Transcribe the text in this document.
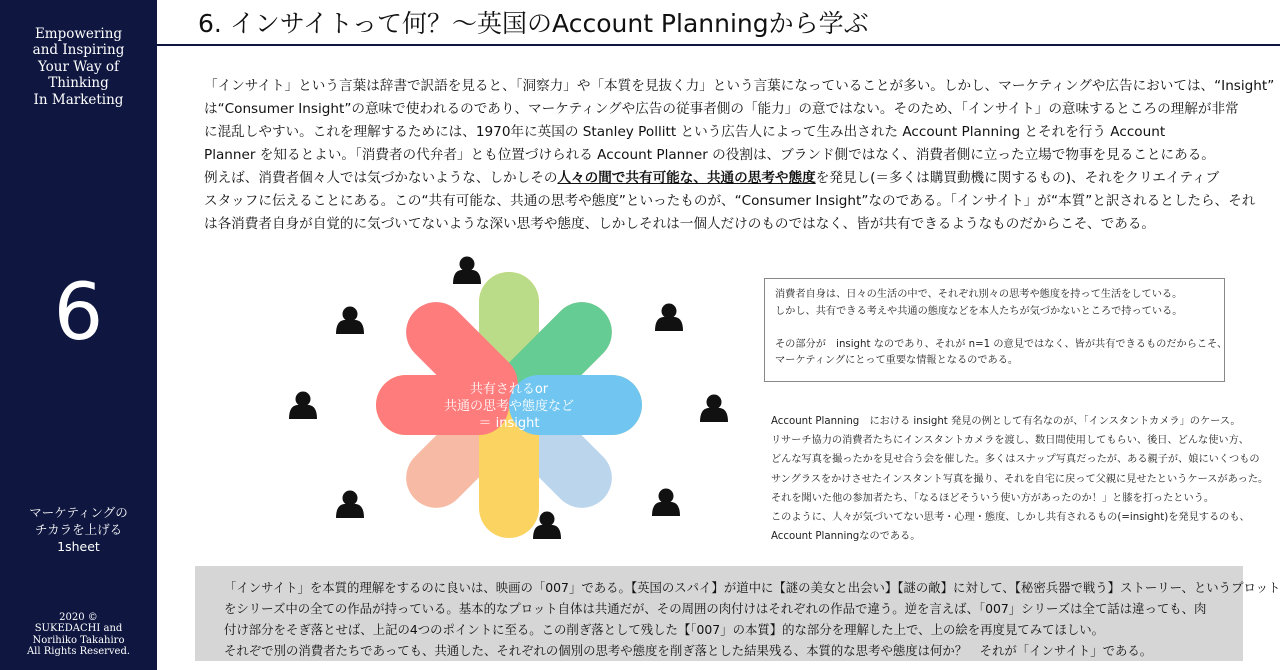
Empowering
and Inspiring
Your Way of
Thinking
In Marketing
6
マーケティングの
チカラを上げる
1sheet
2020 ©
SUKEDACHI and
Norihiko Takahiro
All Rights Reserved.
6. インサイトって何？～英国のAccount Planningから学ぶ
「インサイト」という言葉は辞書で訳語を見ると、「洞察力」や「本質を見抜く力」という言葉になっていることが多い。しかし、マーケティングや広告においては、“Insight”
は“Consumer Insight”の意味で使われるのであり、マーケティングや広告の従事者側の「能力」の意ではない。そのため、「インサイト」の意味するところの理解が非常
に混乱しやすい。これを理解するためには、1970年に英国の Stanley Pollitt という広告人によって生み出された Account Planning とそれを行う Account
Planner を知るとよい。「消費者の代弁者」とも位置づけられる Account Planner の役割は、ブランド側ではなく、消費者側に立った立場で物事を見ることにある。
例えば、消費者個々人では気づかないような、しかしその人々の間で共有可能な、共通の思考や態度を発見し(＝多くは購買動機に関するもの)、それをクリエイティブ
スタッフに伝えることにある。この“共有可能な、共通の思考や態度”といったものが、“Consumer Insight”なのである。「インサイト」が“本質”と訳されるとしたら、それ
は各消費者自身が自覚的に気づいてないような深い思考や態度、しかしそれは一個人だけのものではなく、皆が共有できるようなものだからこそ、である。
共有されるor
共通の思考や態度など
＝ insight
消費者自身は、日々の生活の中で、それぞれ別々の思考や態度を持って生活をしている。
しかし、共有できる考えや共通の態度などを本人たちが気づかないところで持っている。
その部分が　insight なのであり、それが n=1 の意見ではなく、皆が共有できるものだからこそ、
マーケティングにとって重要な情報となるのである。
Account Planning　における insight 発見の例として有名なのが、「インスタントカメラ」のケース。
リサーチ協力の消費者たちにインスタントカメラを渡し、数日間使用してもらい、後日、どんな使い方、
どんな写真を撮ったかを見せ合う会を催した。多くはスナップ写真だったが、ある親子が、娘にいくつもの
サングラスをかけさせたインスタント写真を撮り、それを自宅に戻って父親に見せたというケースがあった。
それを聞いた他の参加者たち、「なるほどそういう使い方があったのか！」と膝を打ったという。
このように、人々が気づいてない思考・心理・態度、しかし共有されるもの(=insight)を発見するのも、
Account Planningなのである。
「インサイト」を本質的理解をするのに良いは、映画の「007」である。【英国のスパイ】が道中に【謎の美女と出会い】【謎の敵】に対して、【秘密兵器で戦う】ストーリー、というプロット
をシリーズ中の全ての作品が持っている。基本的なプロット自体は共通だが、その周囲の肉付けはそれぞれの作品で違う。逆を言えば、「007」シリーズは全て話は違っても、肉
付け部分をそぎ落とせば、上記の4つのポイントに至る。この削ぎ落として残した【「007」の本質】的な部分を理解した上で、上の絵を再度見てみてほしい。
それぞで別の消費者たちであっても、共通した、それぞれの個別の思考や態度を削ぎ落とした結果残る、本質的な思考や態度は何か？　それが「インサイト」である。
